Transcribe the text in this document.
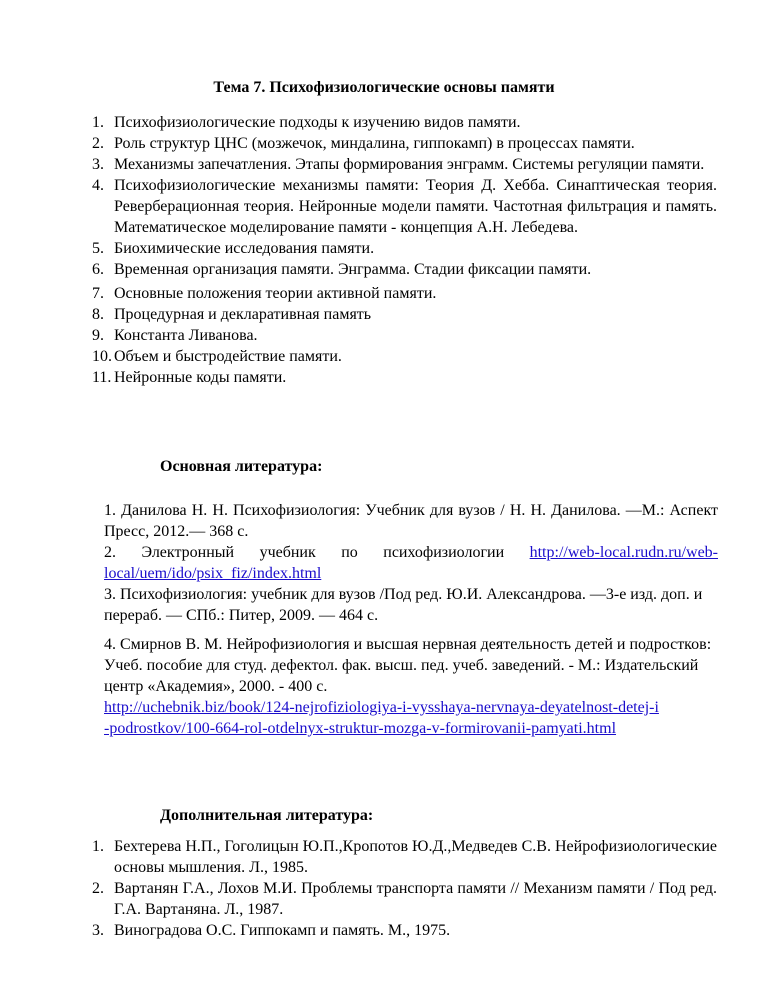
Тема 7. Психофизиологические основы памяти
1. Психофизиологические подходы к изучению видов памяти.
2. Роль структур ЦНС (мозжечок, миндалина, гиппокамп) в процессах памяти.
3. Механизмы запечатления. Этапы формирования энграмм. Системы регуляции памяти.
4. Психофизиологические механизмы памяти: Теория Д. Хебба. Синаптическая теория. Реверберационная теория. Нейронные модели памяти. Частотная фильтрация и память. Математическое моделирование памяти - концепция А.Н. Лебедева.
5. Биохимические исследования памяти.
6. Временная организация памяти. Энграмма. Стадии фиксации памяти.
7. Основные положения теории активной памяти.
8. Процедурная и декларативная память
9. Константа Ливанова.
10. Объем и быстродействие памяти.
11. Нейронные коды памяти.
Основная литература:

1. Данилова Н. Н. Психофизиология: Учебник для вузов / Н. Н. Данилова. —М.: Аспект Пресс, 2012.— 368 с.

2. Электронный учебник по психофизиологии http://web-local.rudn.ru/web-local/uem/ido/psix_fiz/index.html

3. Психофизиология: учебник для вузов /Под ред. Ю.И. Александрова. —3-е изд. доп. и перераб. — СПб.: Питер, 2009. — 464 с.

4. Смирнов В. М. Нейрофизиология и высшая нервная деятельность детей и подростков: Учеб. пособие для студ. дефектол. фак. высш. пед. учеб. заведений. - М.: Издательский центр «Академия», 2000. - 400 с.

http://uchebnik.biz/book/124-nejrofiziologiya-i-vysshaya-nervnaya-deyatelnost-detej-i-podrostkov/100-664-rol-otdelnyx-struktur-mozga-v-formirovanii-pamyati.html

Дополнительная литература:
1. Бехтерева Н.П., Гоголицын Ю.П.,Кропотов Ю.Д.,Медведев С.В. Нейрофизиологические основы мышления. Л., 1985.
2. Вартанян Г.А., Лохов М.И. Проблемы транспорта памяти // Механизм памяти / Под ред. Г.А. Вартаняна. Л., 1987.
3. Виноградова О.С. Гиппокамп и память. М., 1975.
